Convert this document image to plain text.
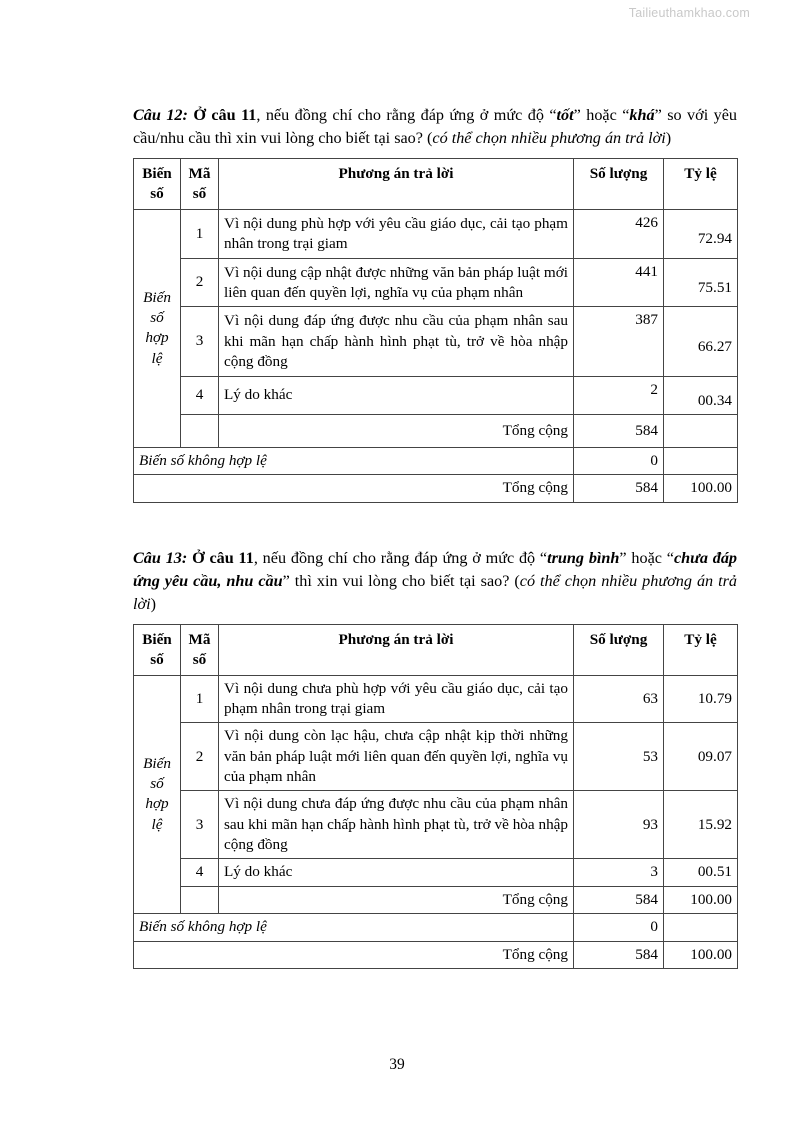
Tailieuthamkhao.com

Câu 12: Ở câu 11, nếu đồng chí cho rằng đáp ứng ở mức độ “tốt” hoặc “khá” so với yêu cầu/nhu cầu thì xin vui lòng cho biết tại sao? (có thể chọn nhiều phương án trả lời)

Biến số	Mã số	Phương án trả lời	Số lượng	Tỷ lệ

Biến
số
hợp
lệ	1	Vì nội dung phù hợp với yêu cầu giáo dục, cải tạo phạm nhân trong trại giam	426	72.94
	2	Vì nội dung cập nhật được những văn bản pháp luật mới liên quan đến quyền lợi, nghĩa vụ của phạm nhân	441	75.51
	3	Vì nội dung đáp ứng được nhu cầu của phạm nhân sau khi mãn hạn chấp hành hình phạt tù, trở về hòa nhập cộng đồng	387	66.27
	4	Lý do khác	2	00.34
		Tổng cộng	584	
Biến số không hợp lệ			0	
Tổng cộng			584	100.00

Câu 13: Ở câu 11, nếu đồng chí cho rằng đáp ứng ở mức độ “trung bình” hoặc “chưa đáp ứng yêu cầu, nhu cầu” thì xin vui lòng cho biết tại sao? (có thể chọn nhiều phương án trả lời)

Biến số	Mã số	Phương án trả lời	Số lượng	Tỷ lệ

Biến
số
hợp
lệ	1	Vì nội dung chưa phù hợp với yêu cầu giáo dục, cải tạo phạm nhân trong trại giam	63	10.79
	2	Vì nội dung còn lạc hậu, chưa cập nhật kịp thời những văn bản pháp luật mới liên quan đến quyền lợi, nghĩa vụ của phạm nhân	53	09.07
	3	Vì nội dung chưa đáp ứng được nhu cầu của phạm nhân sau khi mãn hạn chấp hành hình phạt tù, trở về hòa nhập cộng đồng	93	15.92
	4	Lý do khác	3	00.51
		Tổng cộng	584	100.00
Biến số không hợp lệ			0	
Tổng cộng			584	100.00
39
